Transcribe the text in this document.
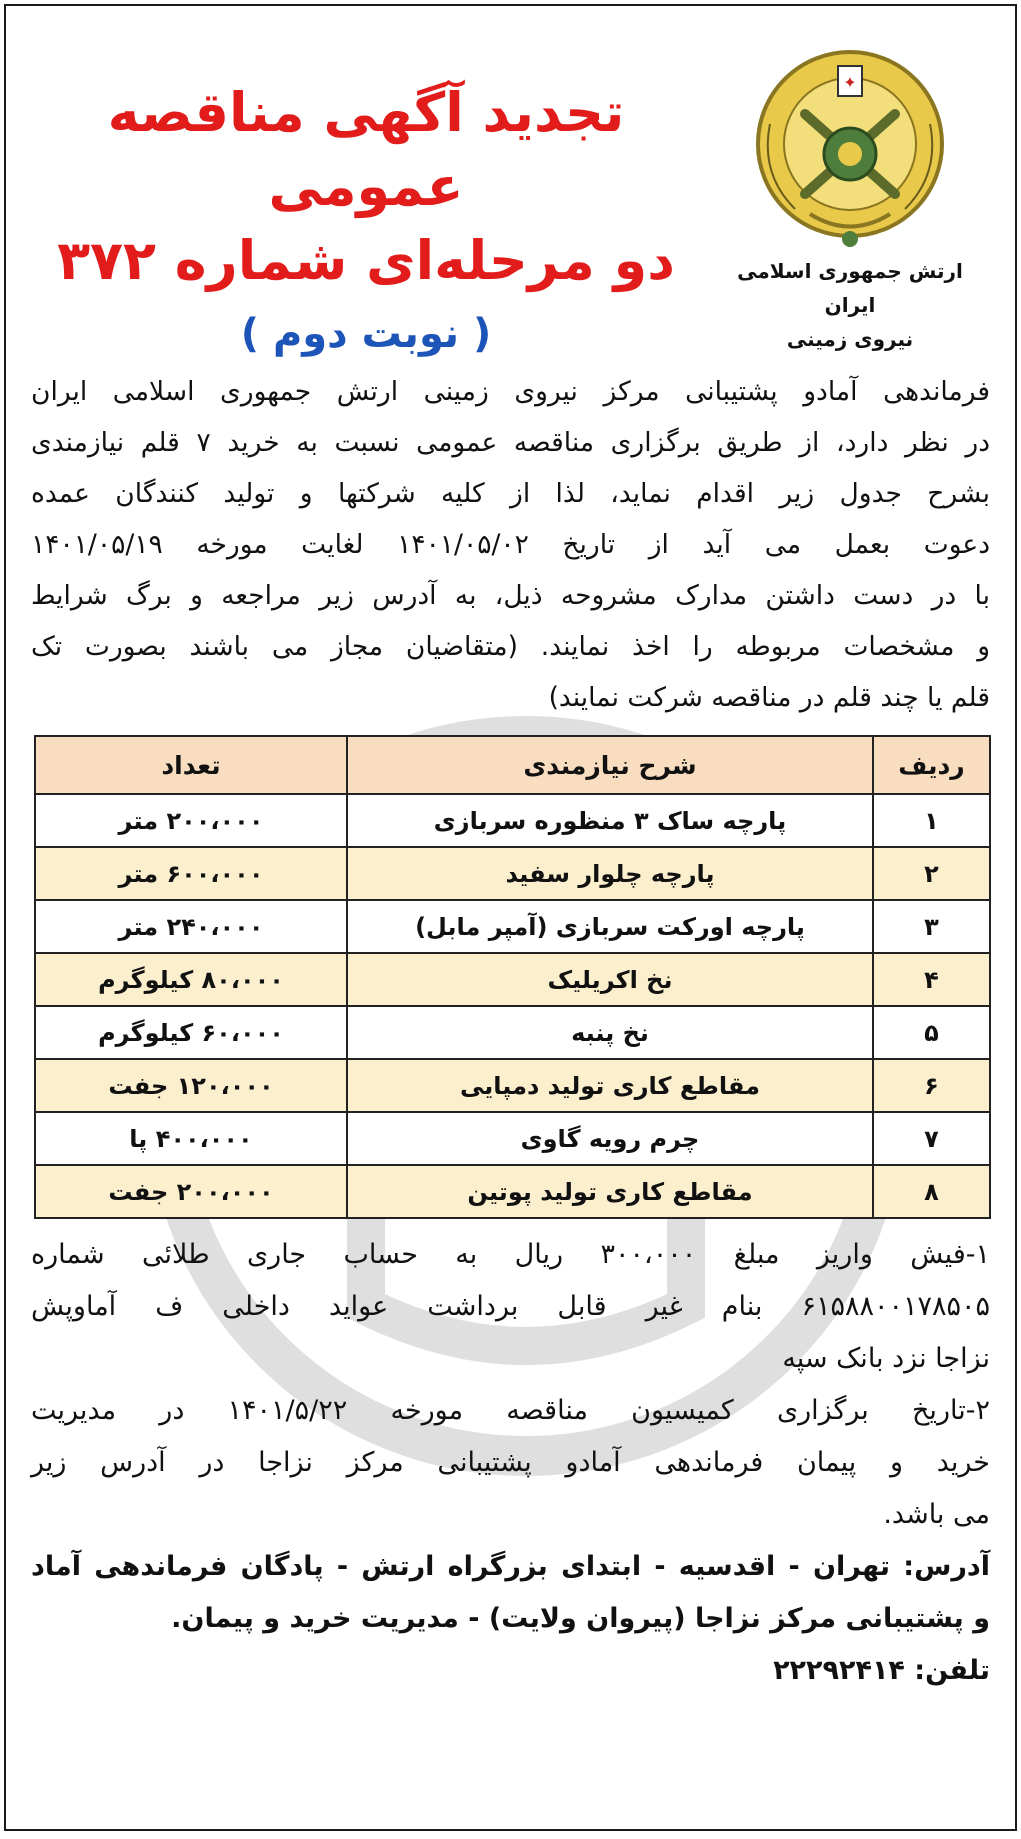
✦
ارتش جمهوری اسلامی ایران
نیروی زمینی
تجدید آگهی مناقصه عمومی
دو مرحله‌ای شماره ۳۷۲
( نوبت دوم )
فرماندهی آمادو پشتیبانی مرکز نیروی زمینی ارتش جمهوری اسلامی ایران
در نظر دارد، از طریق برگزاری مناقصه عمومی نسبت به خرید ۷ قلم نیازمندی
بشرح جدول زیر اقدام نماید، لذا از کلیه شرکتها و تولید کنندگان عمده
دعوت بعمل می آید از تاریخ ۱۴۰۱/۰۵/۰۲ لغایت مورخه ۱۴۰۱/۰۵/۱۹
با در دست داشتن مدارک مشروحه ذیل، به آدرس زیر مراجعه و برگ شرایط
و مشخصات مربوطه را اخذ نمایند. (متقاضیان مجاز می باشند بصورت تک
قلم یا چند قلم در مناقصه شرکت نمایند)
ردیف	شرح نیازمندی	تعداد
۱	پارچه ساک ۳ منظوره سربازی	۲۰۰،۰۰۰ متر
۲	پارچه چلوار سفید	۶۰۰،۰۰۰ متر
۳	پارچه اورکت سربازی (آمپر مابل)	۲۴۰،۰۰۰ متر
۴	نخ اکریلیک	۸۰،۰۰۰ کیلوگرم
۵	نخ پنبه	۶۰،۰۰۰ کیلوگرم
۶	مقاطع کاری تولید دمپایی	۱۲۰،۰۰۰ جفت
۷	چرم رویه گاوی	۴۰۰،۰۰۰ پا
۸	مقاطع کاری تولید پوتین	۲۰۰،۰۰۰ جفت
۱-فیش واریز مبلغ ۳۰۰،۰۰۰ ریال به حساب جاری طلائی شماره
۶۱۵۸۸۰۰۱۷۸۵۰۵ بنام غیر قابل برداشت عواید داخلی ف آماوپش
نزاجا نزد بانک سپه
۲-تاریخ برگزاری کمیسیون مناقصه مورخه ۱۴۰۱/۵/۲۲ در مدیریت
خرید و پیمان فرماندهی آمادو پشتیبانی مرکز نزاجا در آدرس زیر
می باشد.
آدرس: تهران - اقدسیه - ابتدای بزرگراه ارتش - پادگان فرماندهی آماد
و پشتیبانی مرکز نزاجا (پیروان ولایت) - مدیریت خرید و پیمان.
تلفن: ۲۲۲۹۲۴۱۴
